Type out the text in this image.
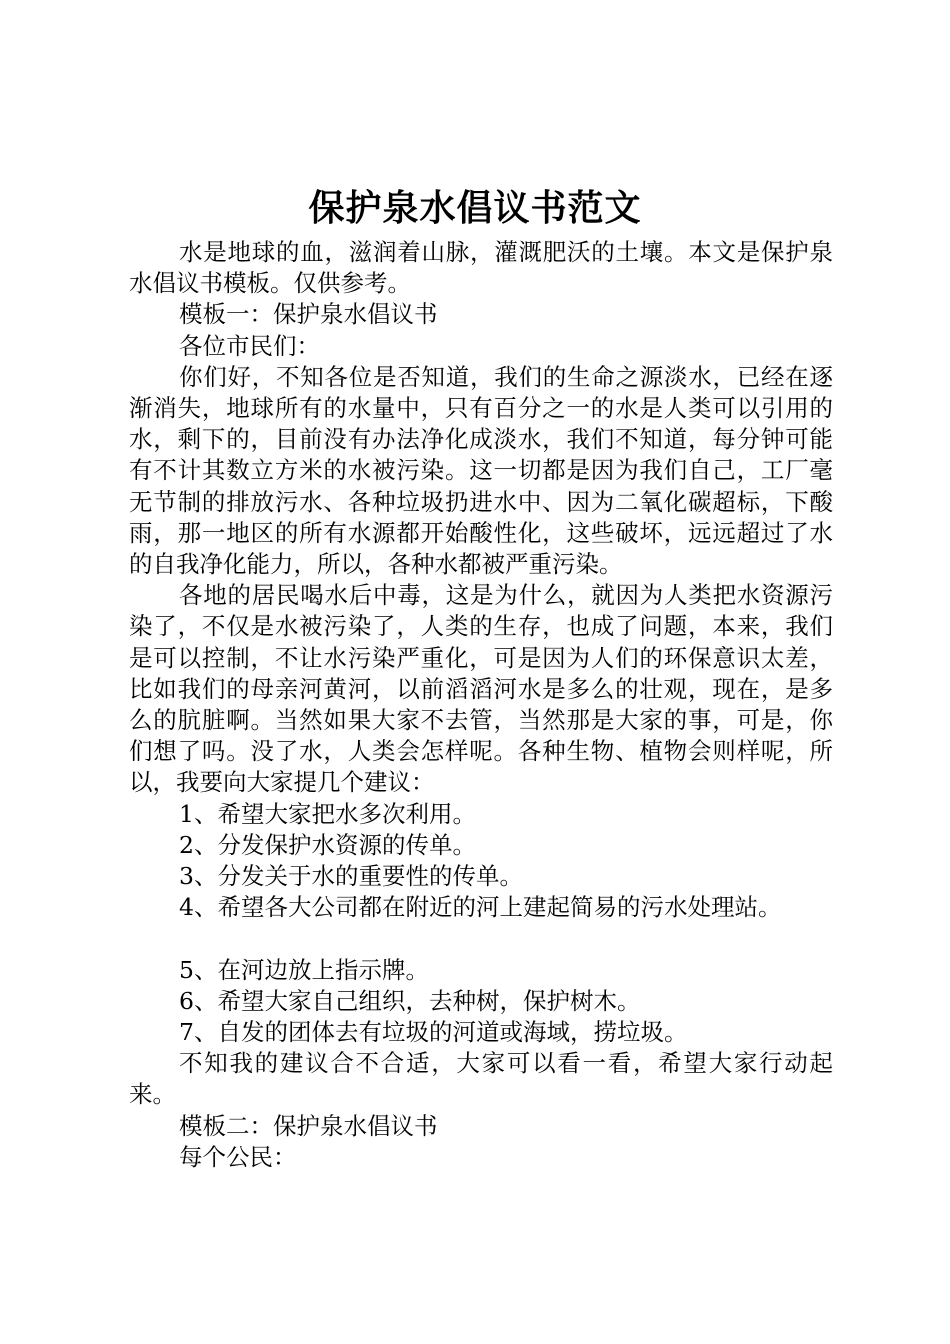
保护泉水倡议书范文

水是地球的血，滋润着山脉，灌溉肥沃的土壤。本文是保护泉水倡议书模板。仅供参考。

模板一：保护泉水倡议书

各位市民们：

你们好，不知各位是否知道，我们的生命之源淡水，已经在逐渐消失，地球所有的水量中，只有百分之一的水是人类可以引用的水，剩下的，目前没有办法净化成淡水，我们不知道，每分钟可能有不计其数立方米的水被污染。这一切都是因为我们自己，工厂毫无节制的排放污水、各种垃圾扔进水中、因为二氧化碳超标，下酸雨，那一地区的所有水源都开始酸性化，这些破坏，远远超过了水的自我净化能力，所以，各种水都被严重污染。

各地的居民喝水后中毒，这是为什么，就因为人类把水资源污染了，不仅是水被污染了，人类的生存，也成了问题，本来，我们是可以控制，不让水污染严重化，可是因为人们的环保意识太差，比如我们的母亲河黄河，以前滔滔河水是多么的壮观，现在，是多么的肮脏啊。当然如果大家不去管，当然那是大家的事，可是，你们想了吗。没了水，人类会怎样呢。各种生物、植物会则样呢，所以，我要向大家提几个建议：

1、希望大家把水多次利用。

2、分发保护水资源的传单。

3、分发关于水的重要性的传单。

4、希望各大公司都在附近的河上建起简易的污水处理站。

5、在河边放上指示牌。

6、希望大家自己组织，去种树，保护树木。

7、自发的团体去有垃圾的河道或海域，捞垃圾。

不知我的建议合不合适，大家可以看一看，希望大家行动起来。

模板二：保护泉水倡议书

每个公民：
